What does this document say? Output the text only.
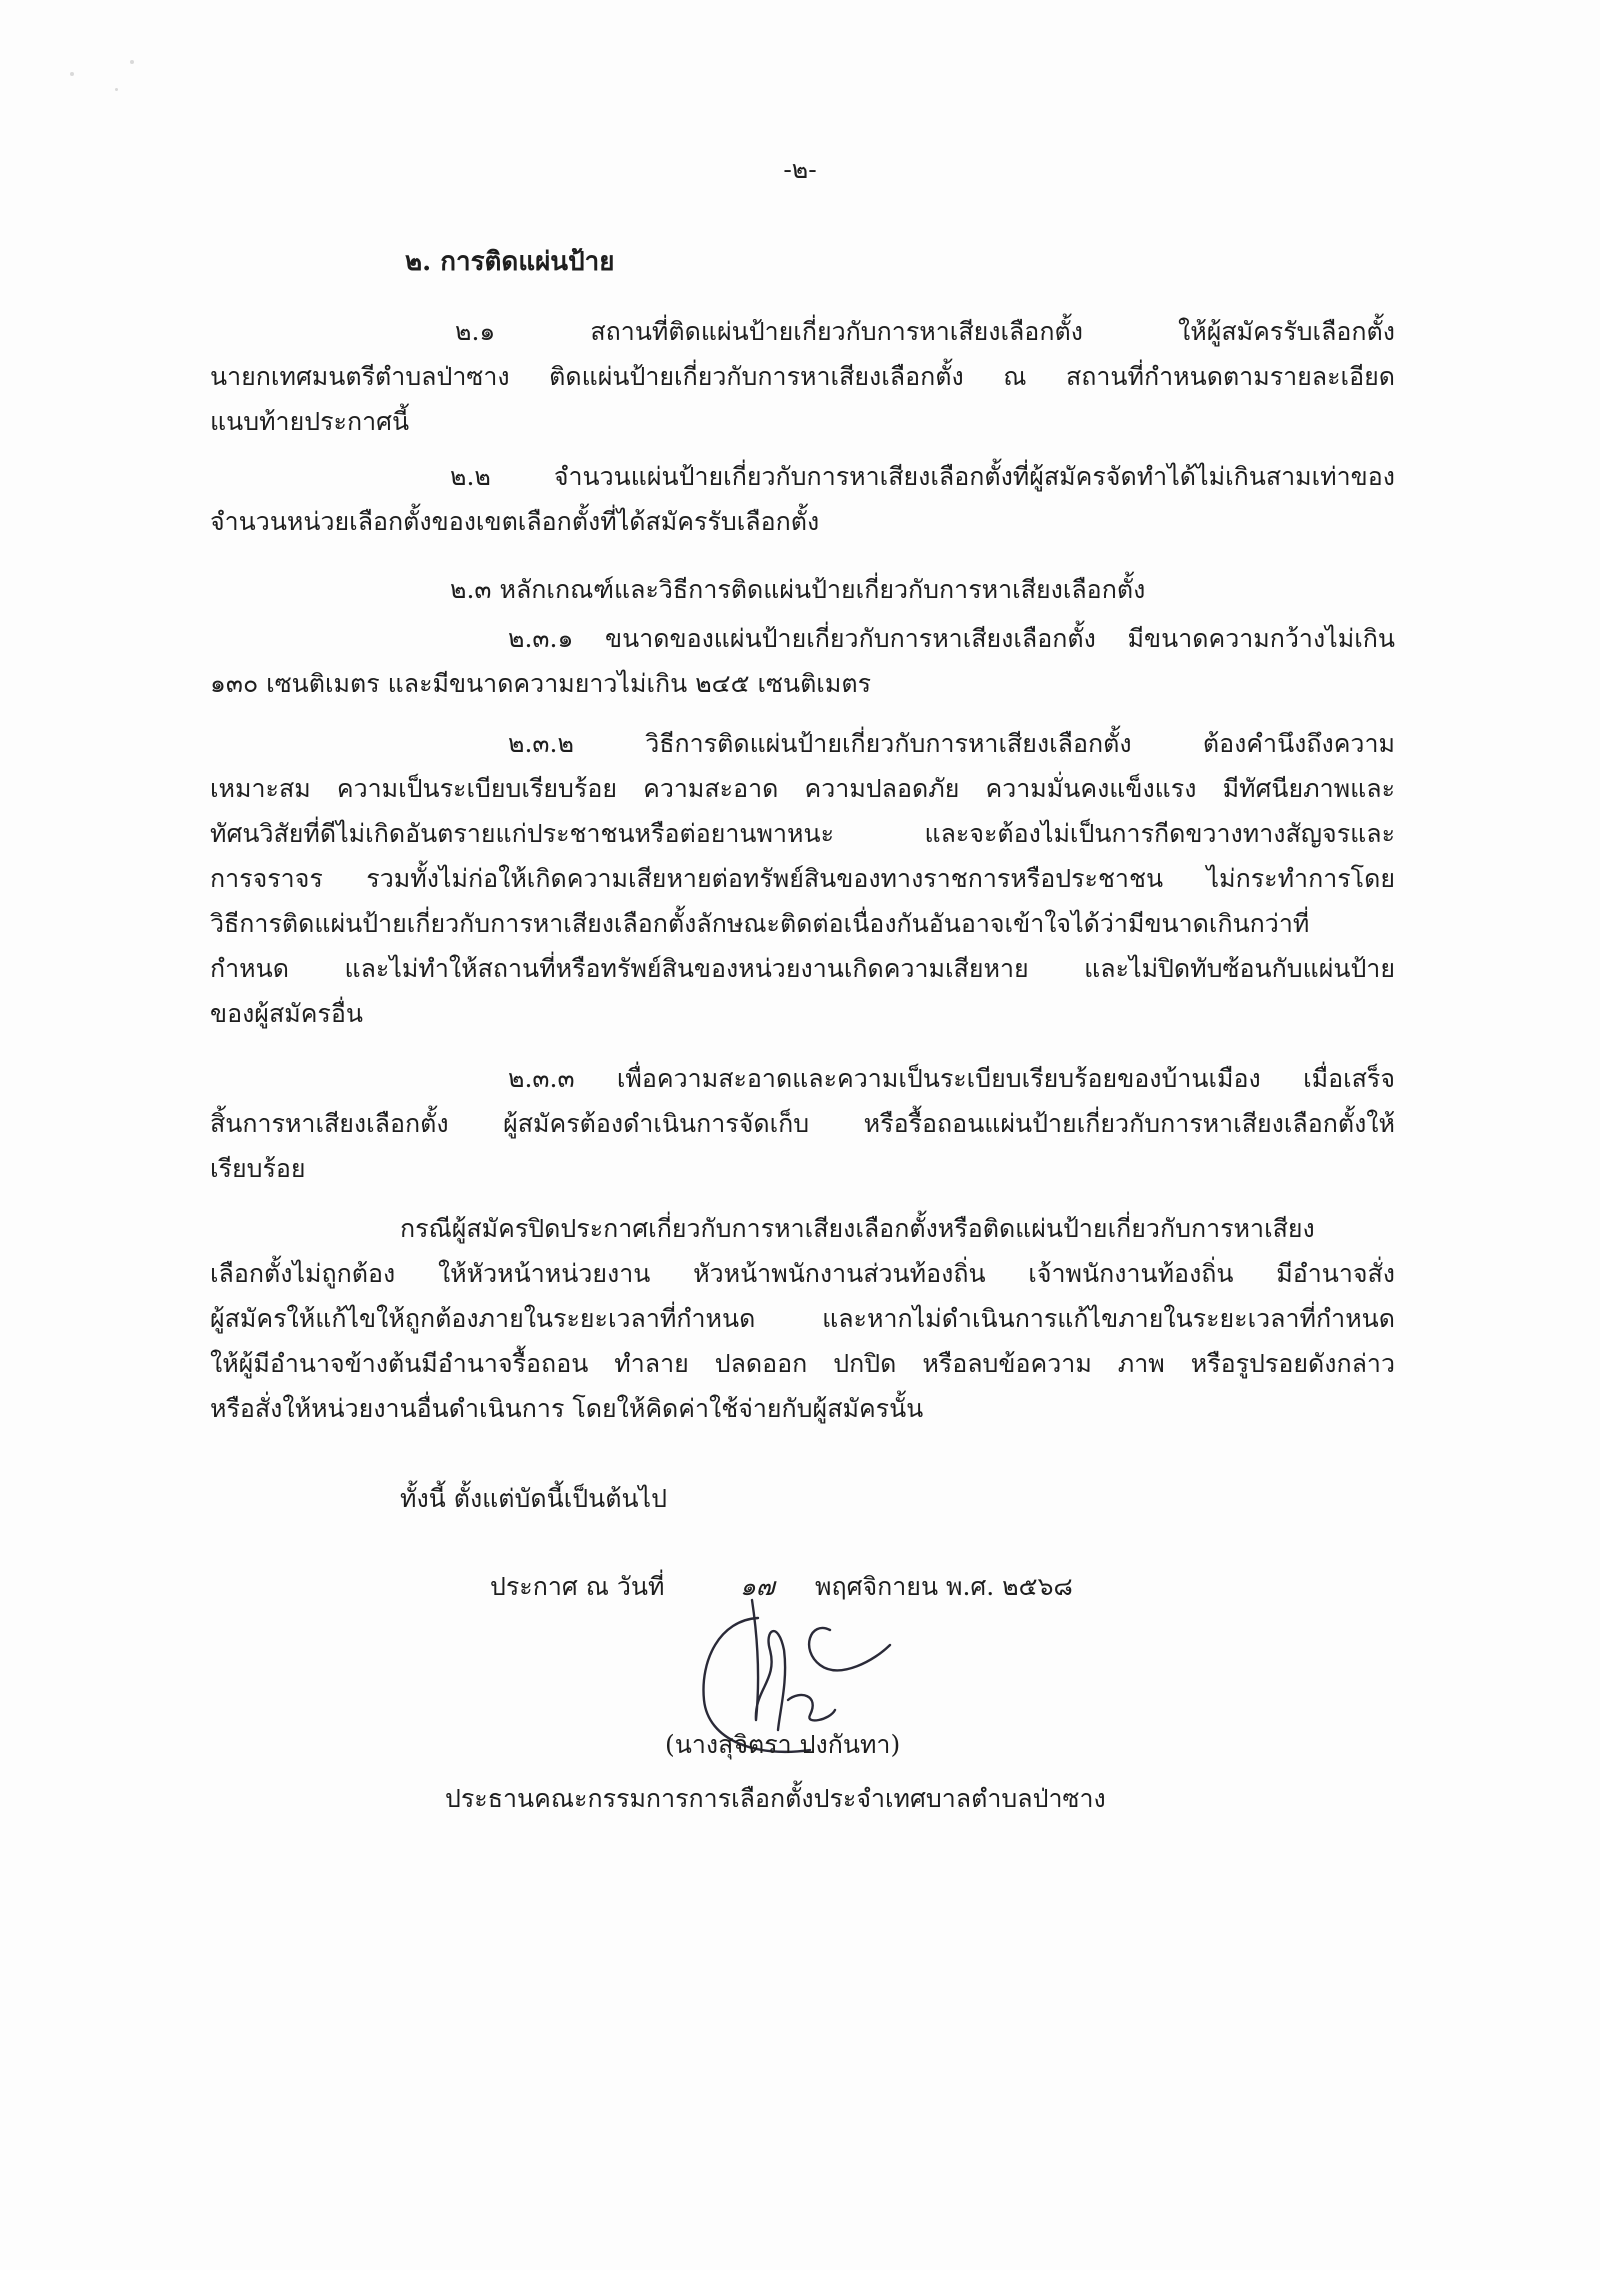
-๒-
๒. การติดแผ่นป้าย
๒.๑ สถานที่ติดแผ่นป้ายเกี่ยวกับการหาเสียงเลือกตั้ง ให้ผู้สมัครรับเลือกตั้ง
นายกเทศมนตรีตำบลป่าซาง ติดแผ่นป้ายเกี่ยวกับการหาเสียงเลือกตั้ง ณ สถานที่กำหนดตามรายละเอียด
แนบท้ายประกาศนี้
๒.๒ จำนวนแผ่นป้ายเกี่ยวกับการหาเสียงเลือกตั้งที่ผู้สมัครจัดทำได้ไม่เกินสามเท่าของ
จำนวนหน่วยเลือกตั้งของเขตเลือกตั้งที่ได้สมัครรับเลือกตั้ง
๒.๓ หลักเกณฑ์และวิธีการติดแผ่นป้ายเกี่ยวกับการหาเสียงเลือกตั้ง
๒.๓.๑ ขนาดของแผ่นป้ายเกี่ยวกับการหาเสียงเลือกตั้ง มีขนาดความกว้างไม่เกิน
๑๓๐ เซนติเมตร และมีขนาดความยาวไม่เกิน ๒๔๕ เซนติเมตร
๒.๓.๒ วิธีการติดแผ่นป้ายเกี่ยวกับการหาเสียงเลือกตั้ง ต้องคำนึงถึงความ
เหมาะสม ความเป็นระเบียบเรียบร้อย ความสะอาด ความปลอดภัย ความมั่นคงแข็งแรง มีทัศนียภาพและ
ทัศนวิสัยที่ดีไม่เกิดอันตรายแก่ประชาชนหรือต่อยานพาหนะ และจะต้องไม่เป็นการกีดขวางทางสัญจรและ
การจราจร รวมทั้งไม่ก่อให้เกิดความเสียหายต่อทรัพย์สินของทางราชการหรือประชาชน ไม่กระทำการโดย
วิธีการติดแผ่นป้ายเกี่ยวกับการหาเสียงเลือกตั้งลักษณะติดต่อเนื่องกันอันอาจเข้าใจได้ว่ามีขนาดเกินกว่าที่
กำหนด และไม่ทำให้สถานที่หรือทรัพย์สินของหน่วยงานเกิดความเสียหาย และไม่ปิดทับซ้อนกับแผ่นป้าย
ของผู้สมัครอื่น
๒.๓.๓ เพื่อความสะอาดและความเป็นระเบียบเรียบร้อยของบ้านเมือง เมื่อเสร็จ
สิ้นการหาเสียงเลือกตั้ง ผู้สมัครต้องดำเนินการจัดเก็บ หรือรื้อถอนแผ่นป้ายเกี่ยวกับการหาเสียงเลือกตั้งให้
เรียบร้อย
กรณีผู้สมัครปิดประกาศเกี่ยวกับการหาเสียงเลือกตั้งหรือติดแผ่นป้ายเกี่ยวกับการหาเสียง
เลือกตั้งไม่ถูกต้อง ให้หัวหน้าหน่วยงาน หัวหน้าพนักงานส่วนท้องถิ่น เจ้าพนักงานท้องถิ่น มีอำนาจสั่ง
ผู้สมัครให้แก้ไขให้ถูกต้องภายในระยะเวลาที่กำหนด และหากไม่ดำเนินการแก้ไขภายในระยะเวลาที่กำหนด
ให้ผู้มีอำนาจข้างต้นมีอำนาจรื้อถอน ทำลาย ปลดออก ปกปิด หรือลบข้อความ ภาพ หรือรูปรอยดังกล่าว
หรือสั่งให้หน่วยงานอื่นดำเนินการ โดยให้คิดค่าใช้จ่ายกับผู้สมัครนั้น
ทั้งนี้ ตั้งแต่บัดนี้เป็นต้นไป
ประกาศ ณ วันที่	๑๗ พฤศจิกายน พ.ศ. ๒๕๖๘
(นางสุจิตรา ปงกันทา)
ประธานคณะกรรมการการเลือกตั้งประจำเทศบาลตำบลป่าซาง
